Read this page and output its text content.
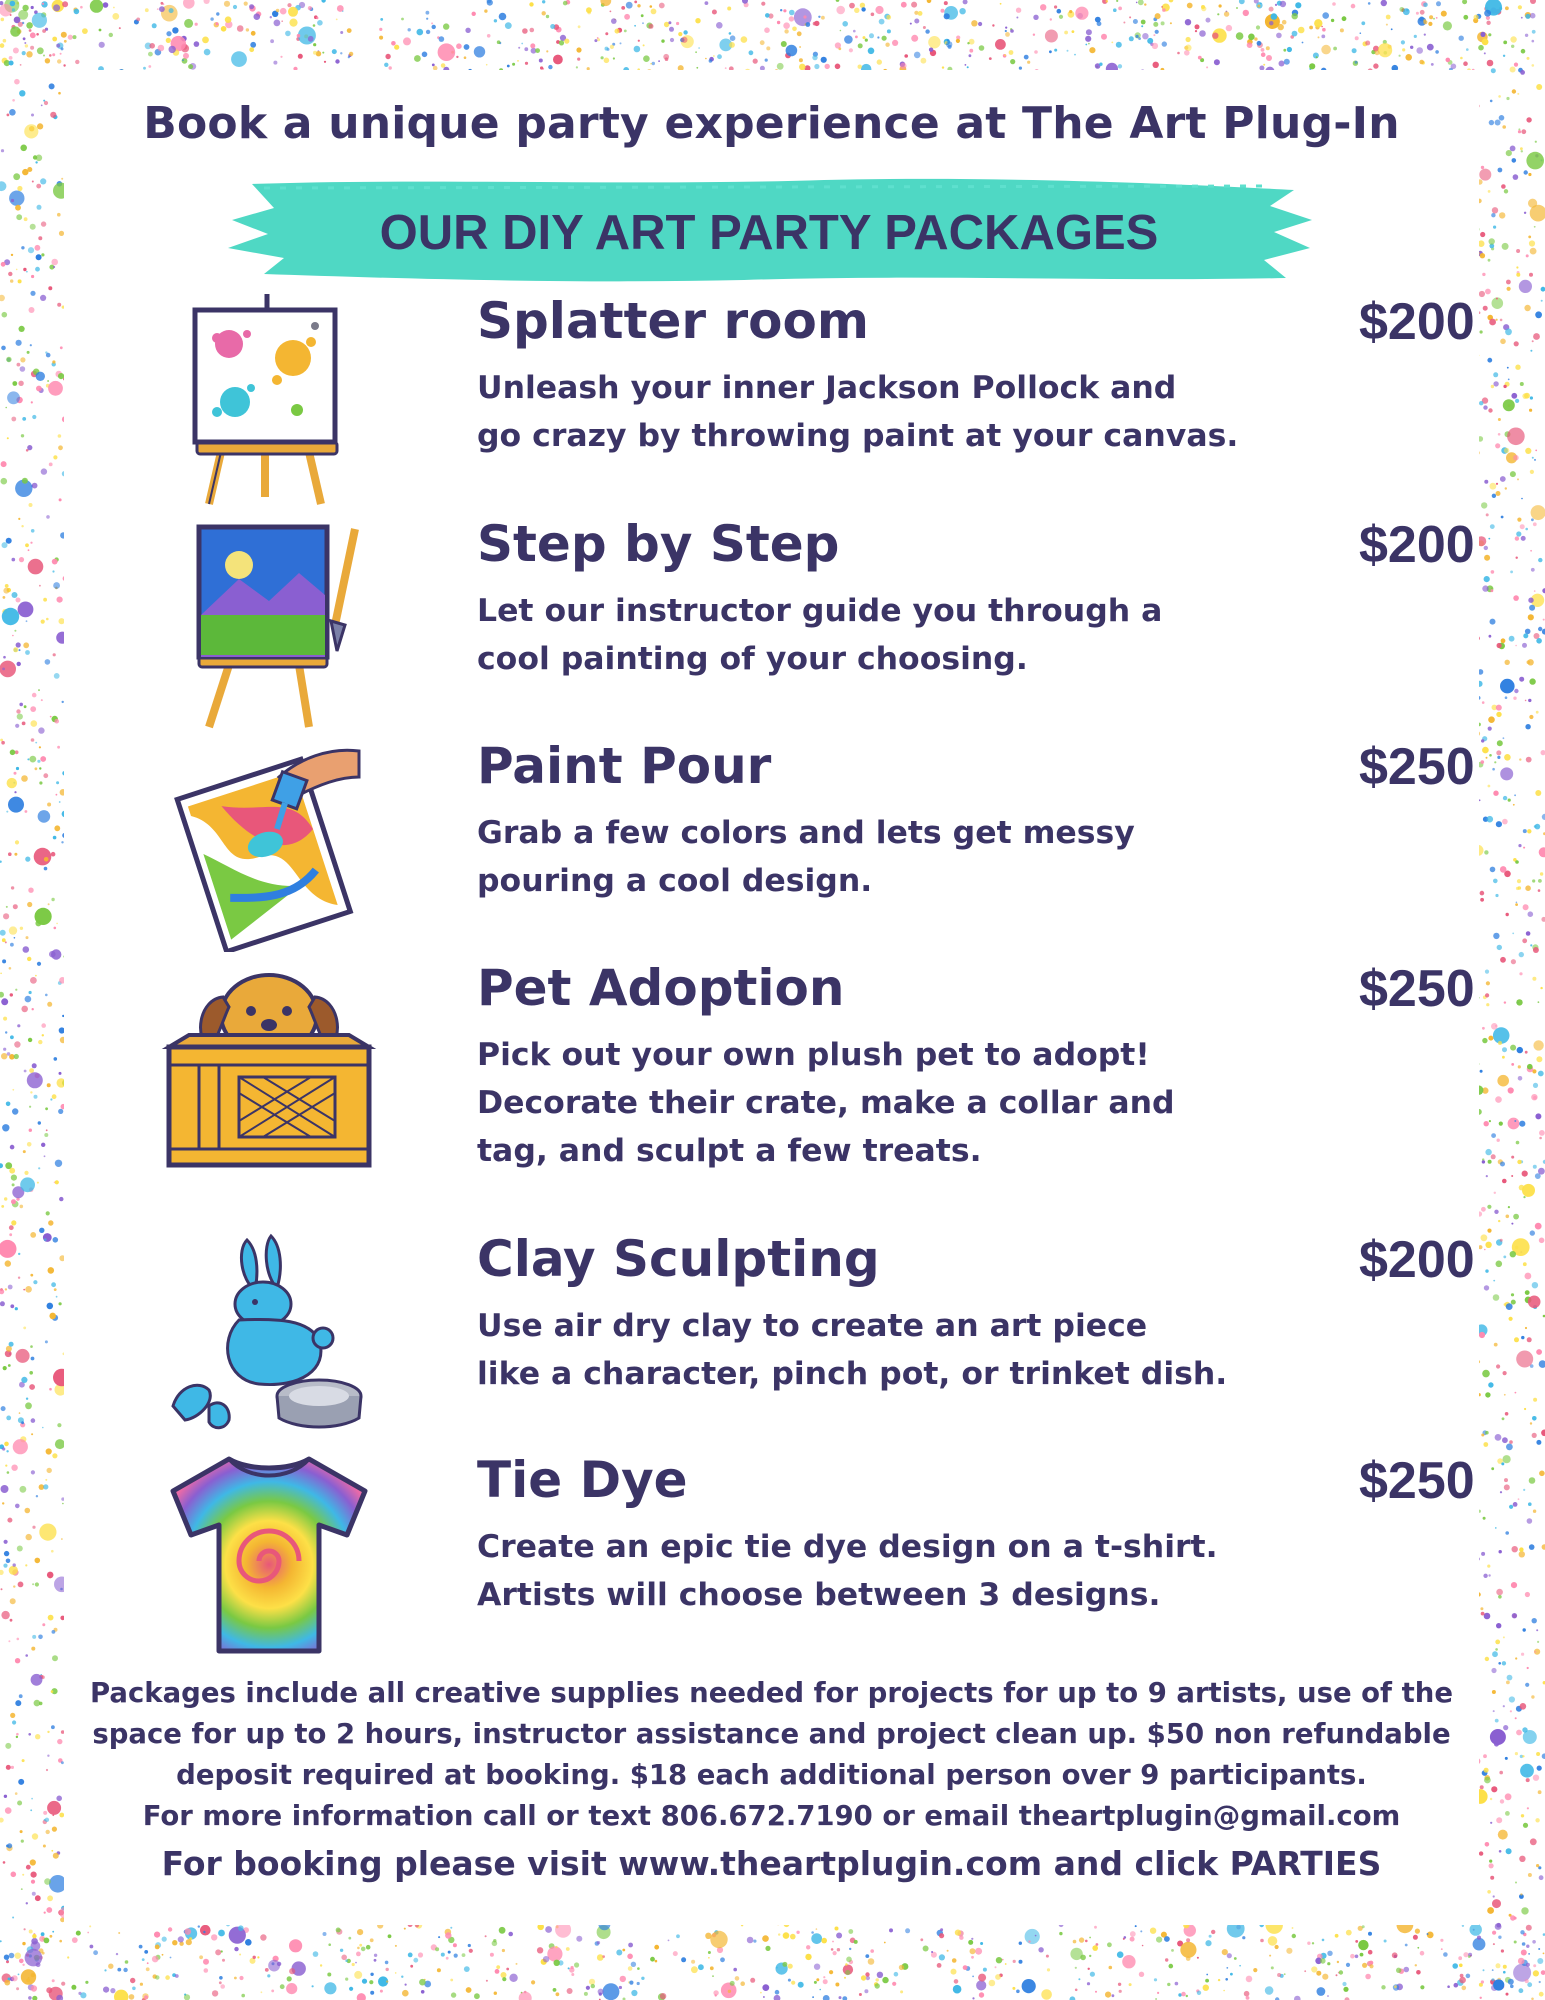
Book a unique party experience at The Art Plug-In
OUR DIY ART PARTY PACKAGES
Splatter room	$200
Unleash your inner Jackson Pollock and
go crazy by throwing paint at your canvas.
Step by Step	$200
Let our instructor guide you through a
cool painting of your choosing.
Paint Pour	$250
Grab a few colors and lets get messy
pouring a cool design.
Pet Adoption	$250
Pick out your own plush pet to adopt!
Decorate their crate, make a collar and
tag, and sculpt a few treats.
Clay Sculpting	$200
Use air dry clay to create an art piece
like a character, pinch pot, or trinket dish.
Tie Dye	$250
Create an epic tie dye design on a t-shirt.
Artists will choose between 3 designs.
Packages include all creative supplies needed for projects for up to 9 artists, use of the
space for up to 2 hours, instructor assistance and project clean up. $50 non refundable
deposit required at booking. $18 each additional person over 9 participants.
For more information call or text 806.672.7190 or email theartplugin@gmail.com
For booking please visit www.theartplugin.com and click PARTIES
